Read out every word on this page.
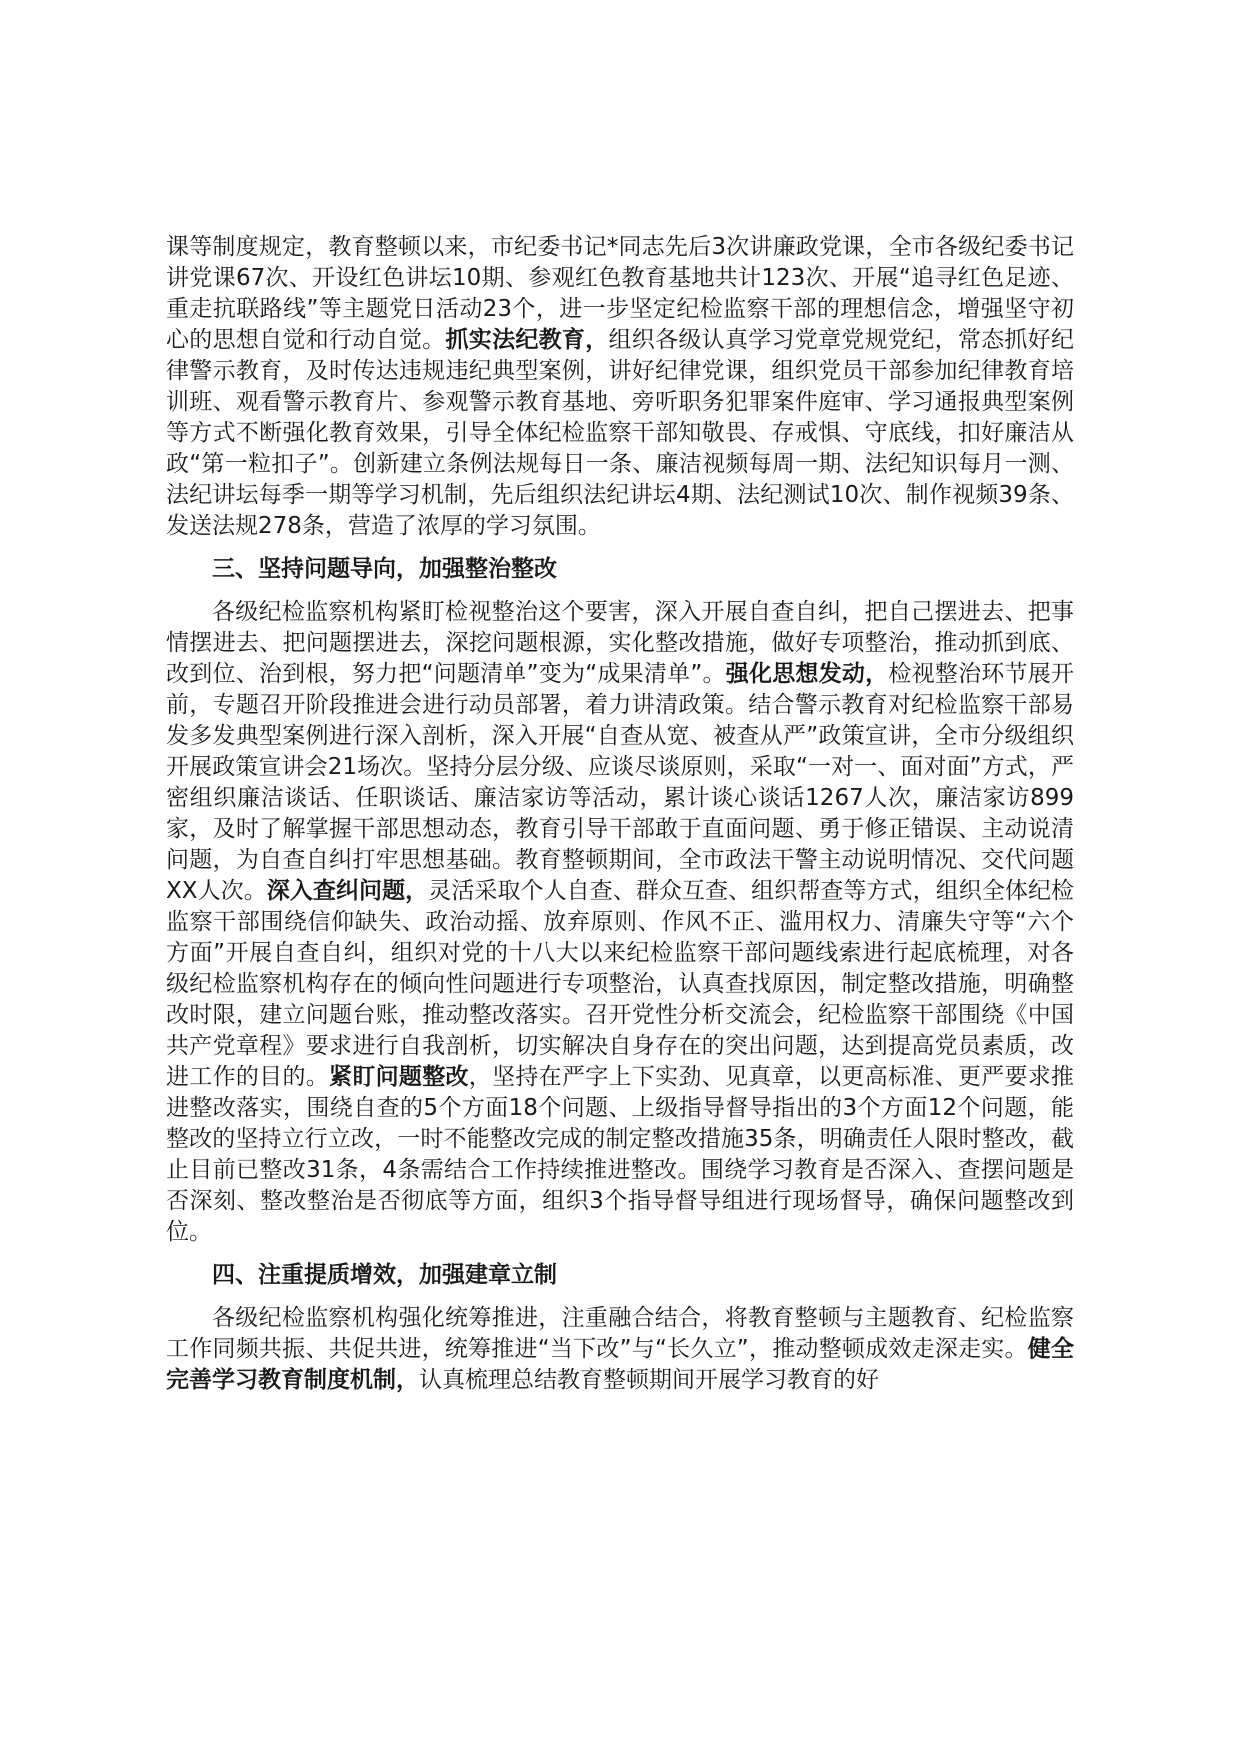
课等制度规定，教育整顿以来，市纪委书记*同志先后3次讲廉政党课，全市各级纪委书记讲党课67次、开设红色讲坛10期、参观红色教育基地共计123次、开展“追寻红色足迹、重走抗联路线”等主题党日活动23个，进一步坚定纪检监察干部的理想信念，增强坚守初心的思想自觉和行动自觉。抓实法纪教育，组织各级认真学习党章党规党纪，常态抓好纪律警示教育，及时传达违规违纪典型案例，讲好纪律党课，组织党员干部参加纪律教育培训班、观看警示教育片、参观警示教育基地、旁听职务犯罪案件庭审、学习通报典型案例等方式不断强化教育效果，引导全体纪检监察干部知敬畏、存戒惧、守底线，扣好廉洁从政“第一粒扣子”。创新建立条例法规每日一条、廉洁视频每周一期、法纪知识每月一测、法纪讲坛每季一期等学习机制，先后组织法纪讲坛4期、法纪测试10次、制作视频39条、发送法规278条，营造了浓厚的学习氛围。

三、坚持问题导向，加强整治整改

各级纪检监察机构紧盯检视整治这个要害，深入开展自查自纠，把自己摆进去、把事情摆进去、把问题摆进去，深挖问题根源，实化整改措施，做好专项整治，推动抓到底、改到位、治到根，努力把“问题清单”变为“成果清单”。强化思想发动，检视整治环节展开前，专题召开阶段推进会进行动员部署，着力讲清政策。结合警示教育对纪检监察干部易发多发典型案例进行深入剖析，深入开展“自查从宽、被查从严”政策宣讲，全市分级组织开展政策宣讲会21场次。坚持分层分级、应谈尽谈原则，采取“一对一、面对面”方式，严密组织廉洁谈话、任职谈话、廉洁家访等活动，累计谈心谈话1267人次，廉洁家访899家，及时了解掌握干部思想动态，教育引导干部敢于直面问题、勇于修正错误、主动说清问题，为自查自纠打牢思想基础。教育整顿期间，全市政法干警主动说明情况、交代问题XX人次。深入查纠问题，灵活采取个人自查、群众互查、组织帮查等方式，组织全体纪检监察干部围绕信仰缺失、政治动摇、放弃原则、作风不正、滥用权力、清廉失守等“六个方面”开展自查自纠，组织对党的十八大以来纪检监察干部问题线索进行起底梳理，对各级纪检监察机构存在的倾向性问题进行专项整治，认真查找原因，制定整改措施，明确整改时限，建立问题台账，推动整改落实。召开党性分析交流会，纪检监察干部围绕《中国共产党章程》要求进行自我剖析，切实解决自身存在的突出问题，达到提高党员素质，改进工作的目的。紧盯问题整改，坚持在严字上下实劲、见真章，以更高标准、更严要求推进整改落实，围绕自查的5个方面18个问题、上级指导督导指出的3个方面12个问题，能整改的坚持立行立改，一时不能整改完成的制定整改措施35条，明确责任人限时整改，截止目前已整改31条，4条需结合工作持续推进整改。围绕学习教育是否深入、查摆问题是否深刻、整改整治是否彻底等方面，组织3个指导督导组进行现场督导，确保问题整改到位。

四、注重提质增效，加强建章立制

各级纪检监察机构强化统筹推进，注重融合结合，将教育整顿与主题教育、纪检监察工作同频共振、共促共进，统筹推进“当下改”与“长久立”，推动整顿成效走深走实。健全完善学习教育制度机制，认真梳理总结教育整顿期间开展学习教育的好
